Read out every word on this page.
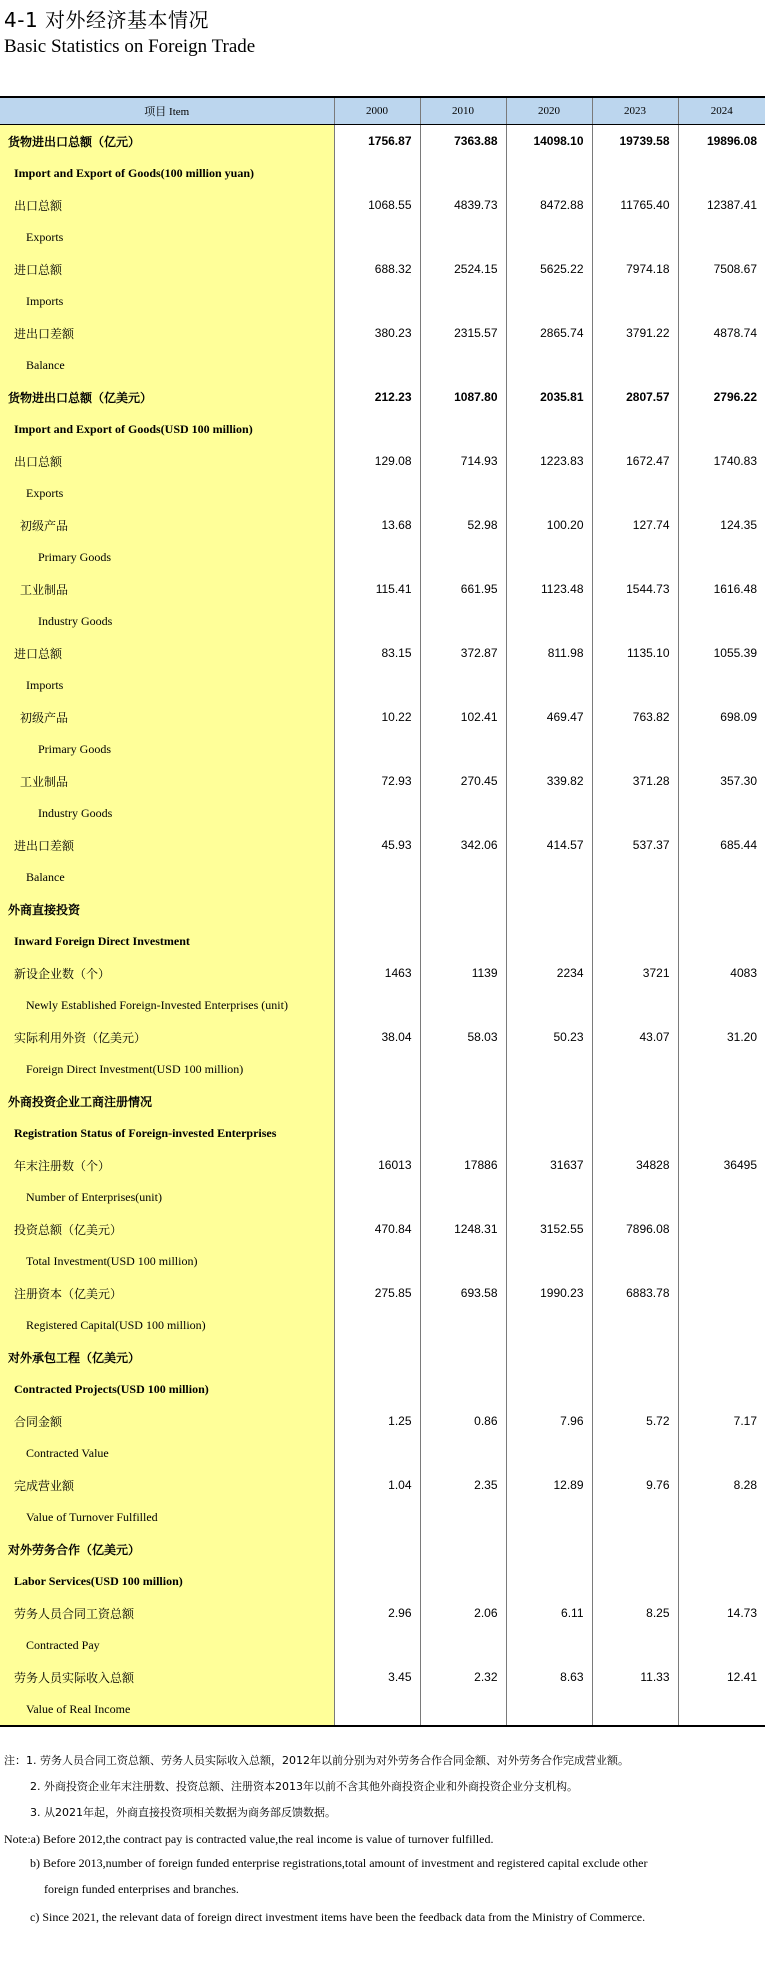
4-1 对外经济基本情况
Basic Statistics on Foreign Trade
项目 Item	2000	2010	2020	2023	2024
货物进出口总额（亿元）	1756.87	7363.88	14098.10	19739.58	19896.08
Import and Export of Goods(100 million yuan)					
出口总额	1068.55	4839.73	8472.88	11765.40	12387.41
Exports					
进口总额	688.32	2524.15	5625.22	7974.18	7508.67
Imports					
进出口差额	380.23	2315.57	2865.74	3791.22	4878.74
Balance					
货物进出口总额（亿美元）	212.23	1087.80	2035.81	2807.57	2796.22
Import and Export of Goods(USD 100 million)					
出口总额	129.08	714.93	1223.83	1672.47	1740.83
Exports					
初级产品	13.68	52.98	100.20	127.74	124.35
Primary Goods					
工业制品	115.41	661.95	1123.48	1544.73	1616.48
Industry Goods					
进口总额	83.15	372.87	811.98	1135.10	1055.39
Imports					
初级产品	10.22	102.41	469.47	763.82	698.09
Primary Goods					
工业制品	72.93	270.45	339.82	371.28	357.30
Industry Goods					
进出口差额	45.93	342.06	414.57	537.37	685.44
Balance					
外商直接投资					
Inward Foreign Direct Investment					
新设企业数（个）	1463	1139	2234	3721	4083
Newly Established Foreign-Invested Enterprises (unit)					
实际利用外资（亿美元）	38.04	58.03	50.23	43.07	31.20
Foreign Direct Investment(USD 100 million)					
外商投资企业工商注册情况					
Registration Status of Foreign-invested Enterprises					
年末注册数（个）	16013	17886	31637	34828	36495
Number of Enterprises(unit)					
投资总额（亿美元）	470.84	1248.31	3152.55	7896.08	
Total Investment(USD 100 million)					
注册资本（亿美元）	275.85	693.58	1990.23	6883.78	
Registered Capital(USD 100 million)					
对外承包工程（亿美元）					
Contracted Projects(USD 100 million)					
合同金额	1.25	0.86	7.96	5.72	7.17
Contracted Value					
完成营业额	1.04	2.35	12.89	9.76	8.28
Value of Turnover Fulfilled					
对外劳务合作（亿美元）					
Labor Services(USD 100 million)					
劳务人员合同工资总额	2.96	2.06	6.11	8.25	14.73
Contracted Pay					
劳务人员实际收入总额	3.45	2.32	8.63	11.33	12.41
Value of Real Income					
注：1. 劳务人员合同工资总额、劳务人员实际收入总额，2012年以前分别为对外劳务合作合同金额、对外劳务合作完成营业额。
2. 外商投资企业年末注册数、投资总额、注册资本2013年以前不含其他外商投资企业和外商投资企业分支机构。
3. 从2021年起，外商直接投资项相关数据为商务部反馈数据。
Note:a) Before 2012,the contract pay is contracted value,the real income is value of turnover fulfilled.
b) Before 2013,number of foreign funded enterprise registrations,total amount of investment and registered capital exclude other
foreign funded enterprises and branches.
c) Since 2021, the relevant data of foreign direct investment items have been the feedback data from the Ministry of Commerce.
